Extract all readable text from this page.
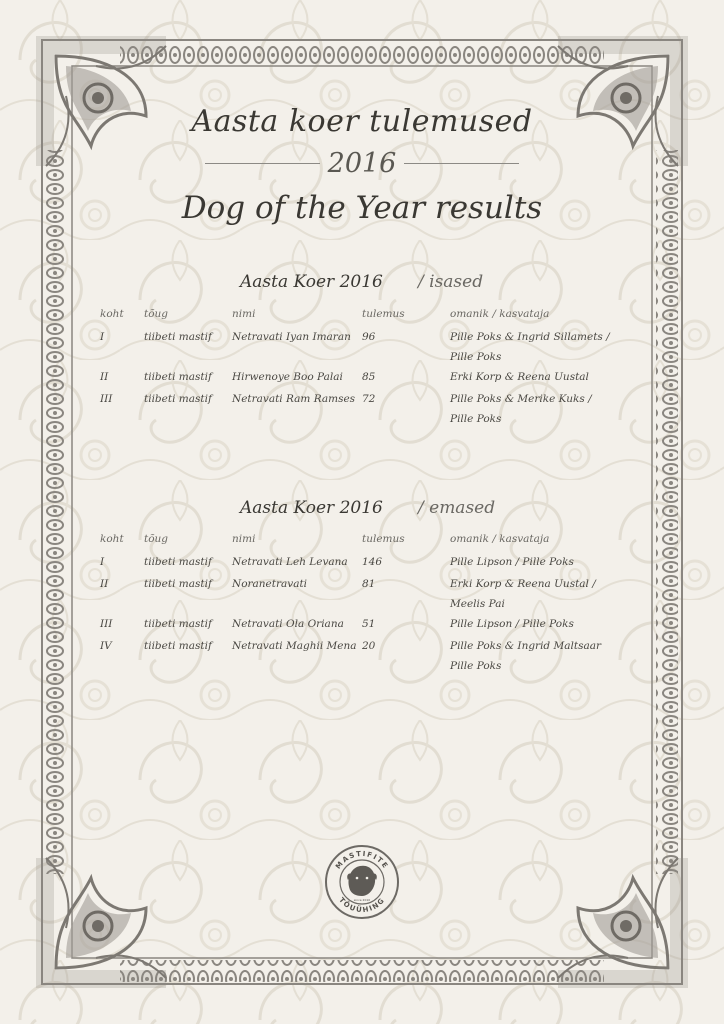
Aasta koer tulemused
2016
Dog of the Year results
Aasta Koer 2016 / isased
koht	tõug	nimi	tulemus	omanik / kasvataja
I	tiibeti mastif	Netravati Iyan Imaran	96	Pille Poks & Ingrid Sillamets /
Pille Poks
II	tiibeti mastif	Hirwenoye Boo Palai	85	Erki Korp & Reena Uustal
III	tiibeti mastif	Netravati Ram Ramses	72	Pille Poks & Merike Kuks /
Pille Poks
Aasta Koer 2016 / emased
koht	tõug	nimi	tulemus	omanik / kasvataja
I	tiibeti mastif	Netravati Leh Levana	146	Pille Lipson / Pille Poks
II	tiibeti mastif	Noranetravati	81	Erki Korp & Reena Uustal /
Meelis Pai
III	tiibeti mastif	Netravati Ola Oriana	51	Pille Lipson / Pille Poks
IV	tiibeti mastif	Netravati Maghii Mena	20	Pille Poks & Ingrid Maltsaar
Pille Poks
MASTIFITE
TÕUÜHING
since 2010
